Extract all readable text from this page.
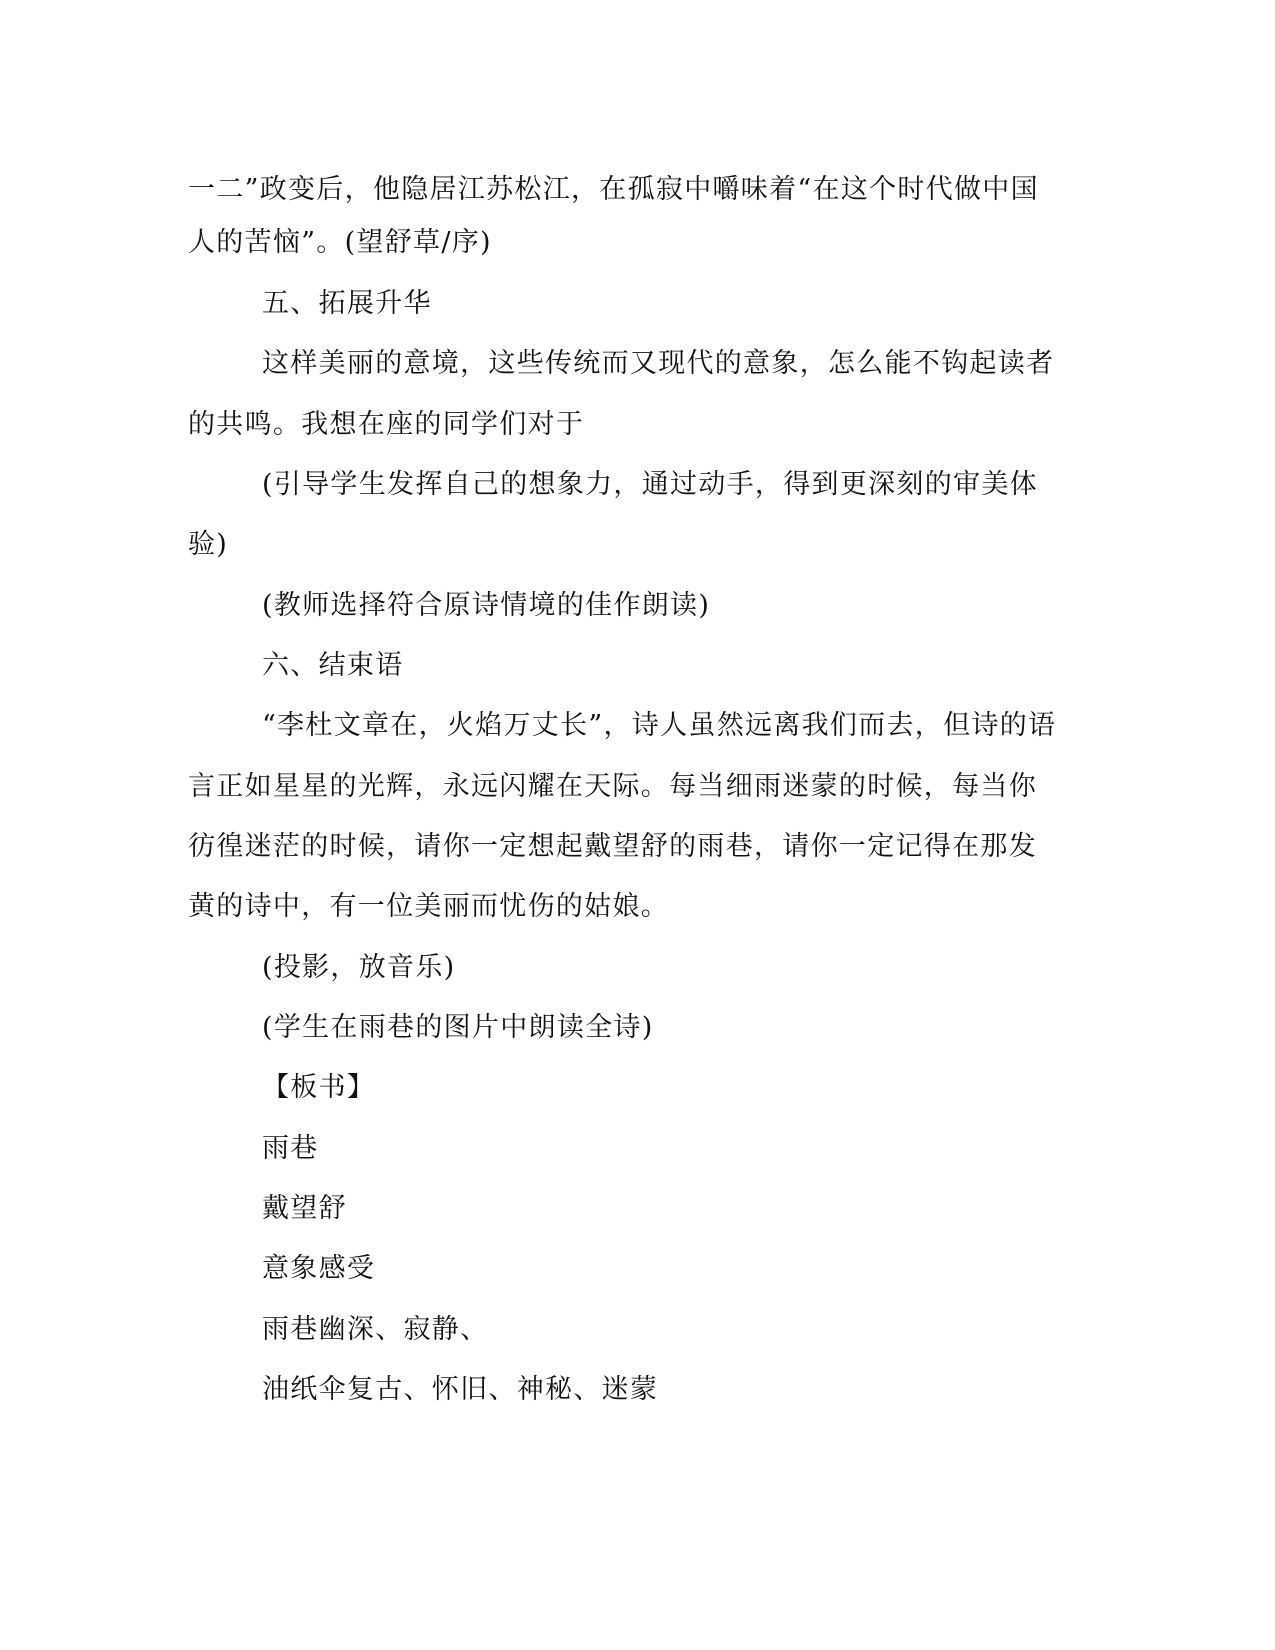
一二”政变后，他隐居江苏松江，在孤寂中嚼味着“在这个时代做中国
人的苦恼”。(望舒草/序)
五、拓展升华
这样美丽的意境，这些传统而又现代的意象，怎么能不钩起读者
的共鸣。我想在座的同学们对于
(引导学生发挥自己的想象力，通过动手，得到更深刻的审美体
验)
(教师选择符合原诗情境的佳作朗读)
六、结束语
“李杜文章在，火焰万丈长”，诗人虽然远离我们而去，但诗的语
言正如星星的光辉，永远闪耀在天际。每当细雨迷蒙的时候，每当你
彷徨迷茫的时候，请你一定想起戴望舒的雨巷，请你一定记得在那发
黄的诗中，有一位美丽而忧伤的姑娘。
(投影，放音乐)
(学生在雨巷的图片中朗读全诗)
【板书】
雨巷
戴望舒
意象感受
雨巷幽深、寂静、
油纸伞复古、怀旧、神秘、迷蒙
